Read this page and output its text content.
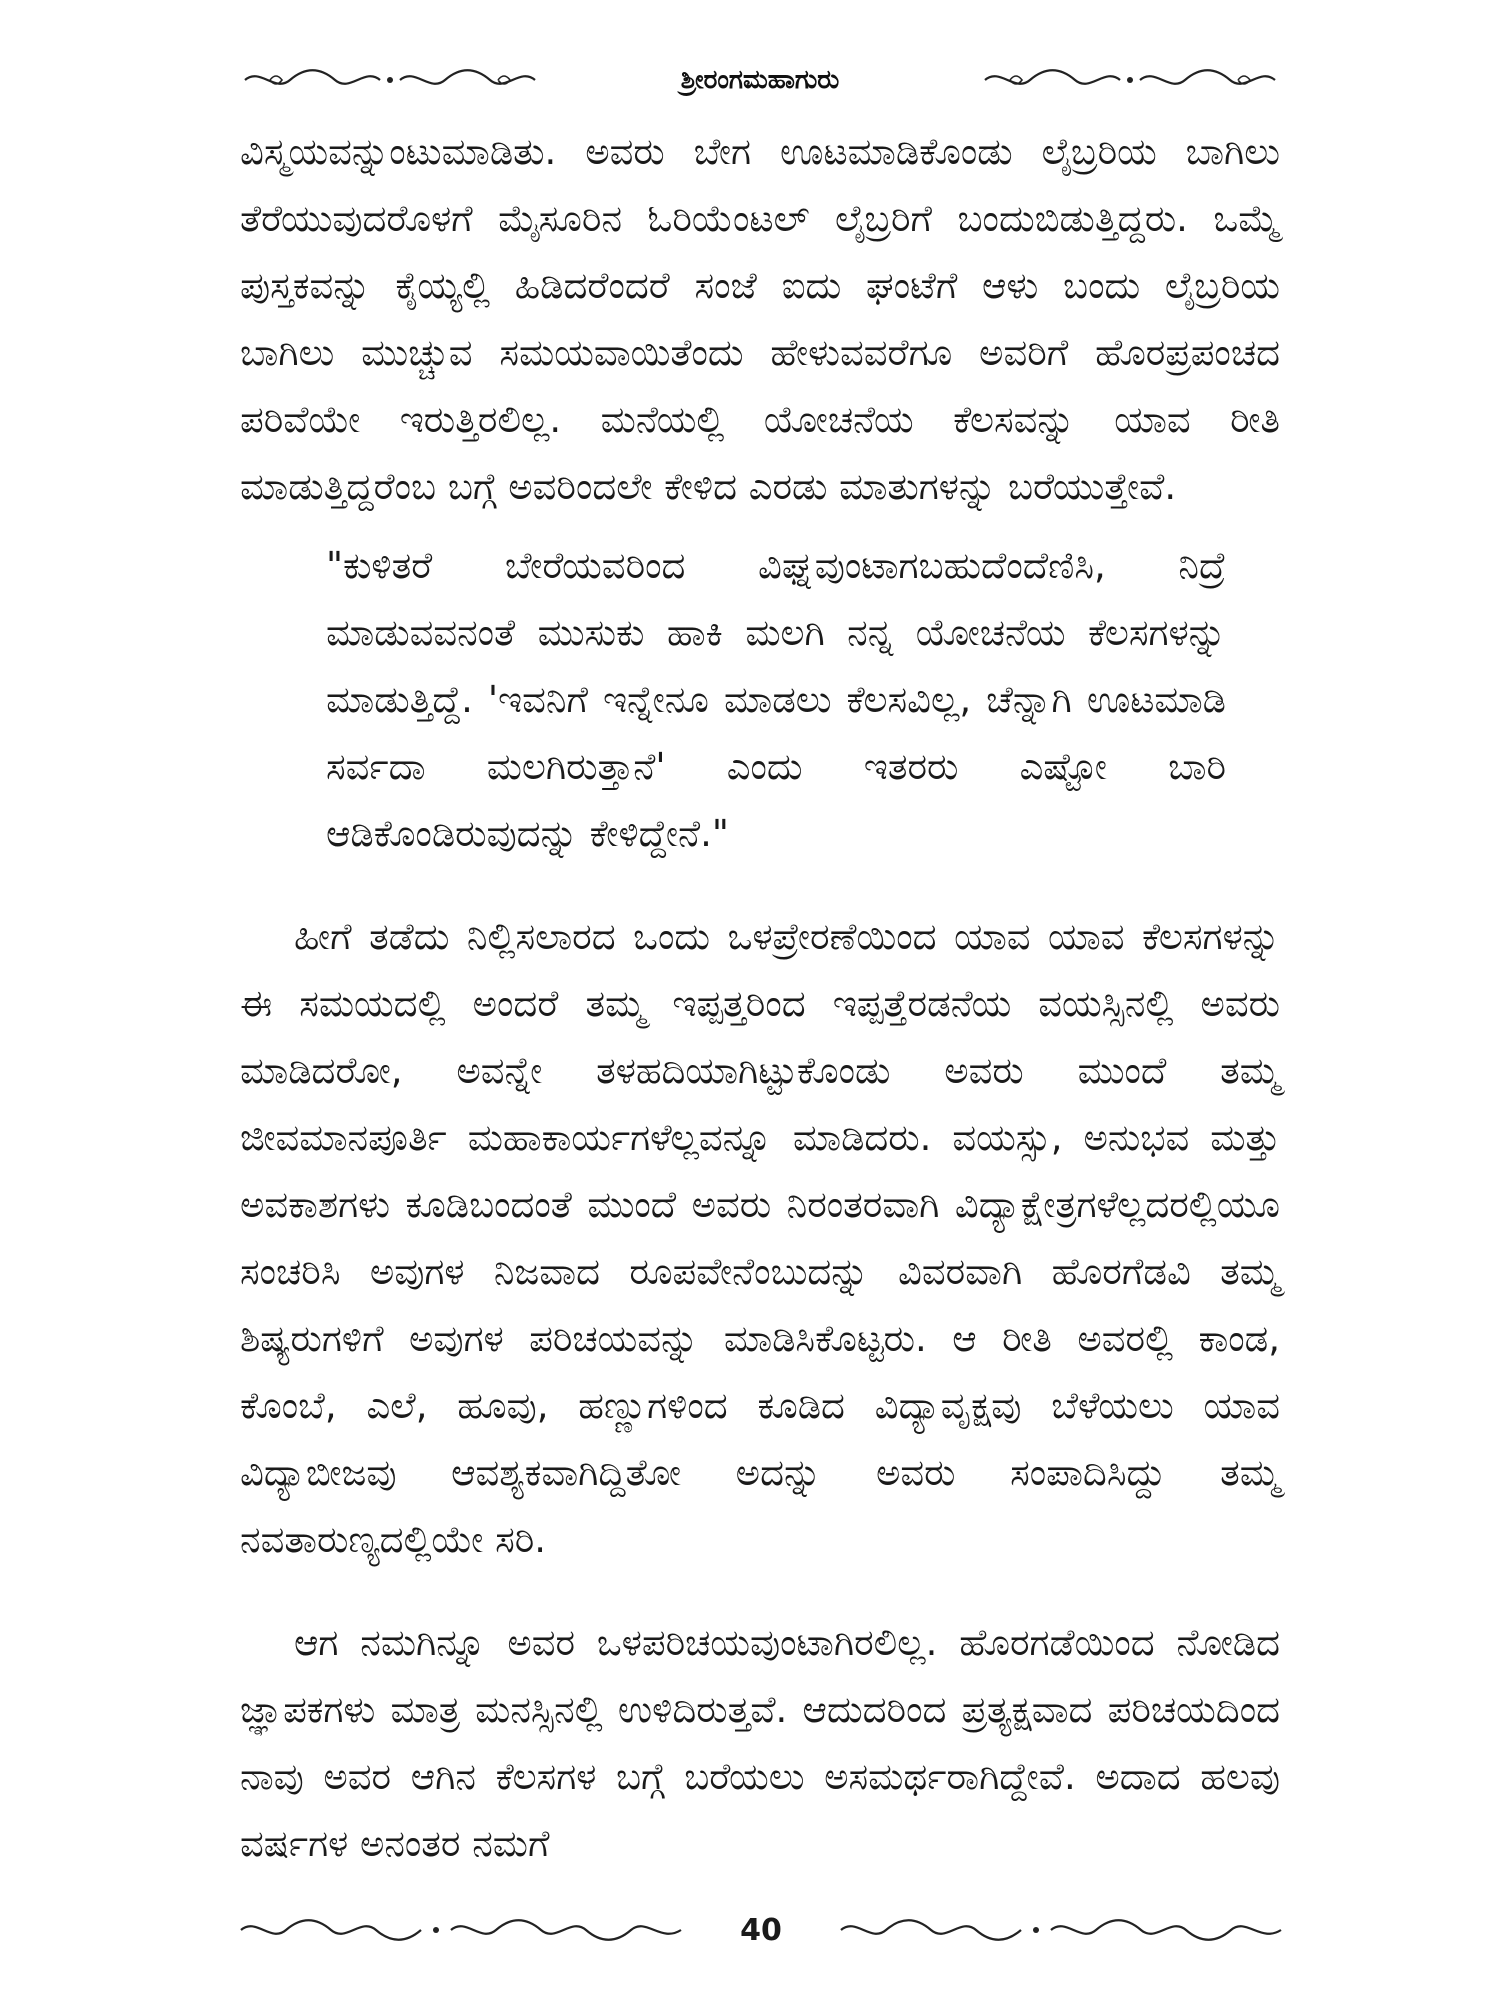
ಶ್ರೀರಂಗಮಹಾಗುರು

ವಿಸ್ಮಯವನ್ನುಂಟುಮಾಡಿತು. ಅವರು ಬೇಗ ಊಟಮಾಡಿಕೊಂಡು ಲೈಬ್ರರಿಯ ಬಾಗಿಲು ತೆರೆಯುವುದರೊಳಗೆ ಮೈಸೂರಿನ ಓರಿಯೆಂಟಲ್ ಲೈಬ್ರರಿಗೆ ಬಂದುಬಿಡುತ್ತಿದ್ದರು. ಒಮ್ಮೆ ಪುಸ್ತಕವನ್ನು ಕೈಯ್ಯಲ್ಲಿ ಹಿಡಿದರೆಂದರೆ ಸಂಜೆ ಐದು ಘಂಟೆಗೆ ಆಳು ಬಂದು ಲೈಬ್ರರಿಯ ಬಾಗಿಲು ಮುಚ್ಚುವ ಸಮಯವಾಯಿತೆಂದು ಹೇಳುವವರೆಗೂ ಅವರಿಗೆ ಹೊರಪ್ರಪಂಚದ ಪರಿವೆಯೇ ಇರುತ್ತಿರಲಿಲ್ಲ. ಮನೆಯಲ್ಲಿ ಯೋಚನೆಯ ಕೆಲಸವನ್ನು ಯಾವ ರೀತಿ ಮಾಡುತ್ತಿದ್ದರೆಂಬ ಬಗ್ಗೆ ಅವರಿಂದಲೇ ಕೇಳಿದ ಎರಡು ಮಾತುಗಳನ್ನು ಬರೆಯುತ್ತೇವೆ.

"ಕುಳಿತರೆ ಬೇರೆಯವರಿಂದ ವಿಘ್ನವುಂಟಾಗಬಹುದೆಂದೆಣಿಸಿ, ನಿದ್ರೆ ಮಾಡುವವನಂತೆ ಮುಸುಕು ಹಾಕಿ ಮಲಗಿ ನನ್ನ ಯೋಚನೆಯ ಕೆಲಸಗಳನ್ನು ಮಾಡುತ್ತಿದ್ದೆ. 'ಇವನಿಗೆ ಇನ್ನೇನೂ ಮಾಡಲು ಕೆಲಸವಿಲ್ಲ, ಚೆನ್ನಾಗಿ ಊಟಮಾಡಿ ಸರ್ವದಾ ಮಲಗಿರುತ್ತಾನೆ' ಎಂದು ಇತರರು ಎಷ್ಟೋ ಬಾರಿ ಆಡಿಕೊಂಡಿರುವುದನ್ನು ಕೇಳಿದ್ದೇನೆ."

ಹೀಗೆ ತಡೆದು ನಿಲ್ಲಿಸಲಾರದ ಒಂದು ಒಳಪ್ರೇರಣೆಯಿಂದ ಯಾವ ಯಾವ ಕೆಲಸಗಳನ್ನು ಈ ಸಮಯದಲ್ಲಿ ಅಂದರೆ ತಮ್ಮ ಇಪ್ಪತ್ತರಿಂದ ಇಪ್ಪತ್ತೆರಡನೆಯ ವಯಸ್ಸಿನಲ್ಲಿ ಅವರು ಮಾಡಿದರೋ, ಅವನ್ನೇ ತಳಹದಿಯಾಗಿಟ್ಟುಕೊಂಡು ಅವರು ಮುಂದೆ ತಮ್ಮ ಜೀವಮಾನಪೂರ್ತಿ ಮಹಾಕಾರ್ಯಗಳೆಲ್ಲವನ್ನೂ ಮಾಡಿದರು. ವಯಸ್ಸು, ಅನುಭವ ಮತ್ತು ಅವಕಾಶಗಳು ಕೂಡಿಬಂದಂತೆ ಮುಂದೆ ಅವರು ನಿರಂತರವಾಗಿ ವಿದ್ಯಾಕ್ಷೇತ್ರಗಳೆಲ್ಲದರಲ್ಲಿಯೂ ಸಂಚರಿಸಿ ಅವುಗಳ ನಿಜವಾದ ರೂಪವೇನೆಂಬುದನ್ನು ವಿವರವಾಗಿ ಹೊರಗೆಡವಿ ತಮ್ಮ ಶಿಷ್ಯರುಗಳಿಗೆ ಅವುಗಳ ಪರಿಚಯವನ್ನು ಮಾಡಿಸಿಕೊಟ್ಟರು. ಆ ರೀತಿ ಅವರಲ್ಲಿ ಕಾಂಡ, ಕೊಂಬೆ, ಎಲೆ, ಹೂವು, ಹಣ್ಣುಗಳಿಂದ ಕೂಡಿದ ವಿದ್ಯಾವೃಕ್ಷವು ಬೆಳೆಯಲು ಯಾವ ವಿದ್ಯಾಬೀಜವು ಆವಶ್ಯಕವಾಗಿದ್ದಿತೋ ಅದನ್ನು ಅವರು ಸಂಪಾದಿಸಿದ್ದು ತಮ್ಮ ನವತಾರುಣ್ಯದಲ್ಲಿಯೇ ಸರಿ.

ಆಗ ನಮಗಿನ್ನೂ ಅವರ ಒಳಪರಿಚಯವುಂಟಾಗಿರಲಿಲ್ಲ. ಹೊರಗಡೆಯಿಂದ ನೋಡಿದ ಜ್ಞಾಪಕಗಳು ಮಾತ್ರ ಮನಸ್ಸಿನಲ್ಲಿ ಉಳಿದಿರುತ್ತವೆ. ಆದುದರಿಂದ ಪ್ರತ್ಯಕ್ಷವಾದ ಪರಿಚಯದಿಂದ ನಾವು ಅವರ ಆಗಿನ ಕೆಲಸಗಳ ಬಗ್ಗೆ ಬರೆಯಲು ಅಸಮರ್ಥರಾಗಿದ್ದೇವೆ. ಅದಾದ ಹಲವು ವರ್ಷಗಳ ಅನಂತರ ನಮಗೆ

40
